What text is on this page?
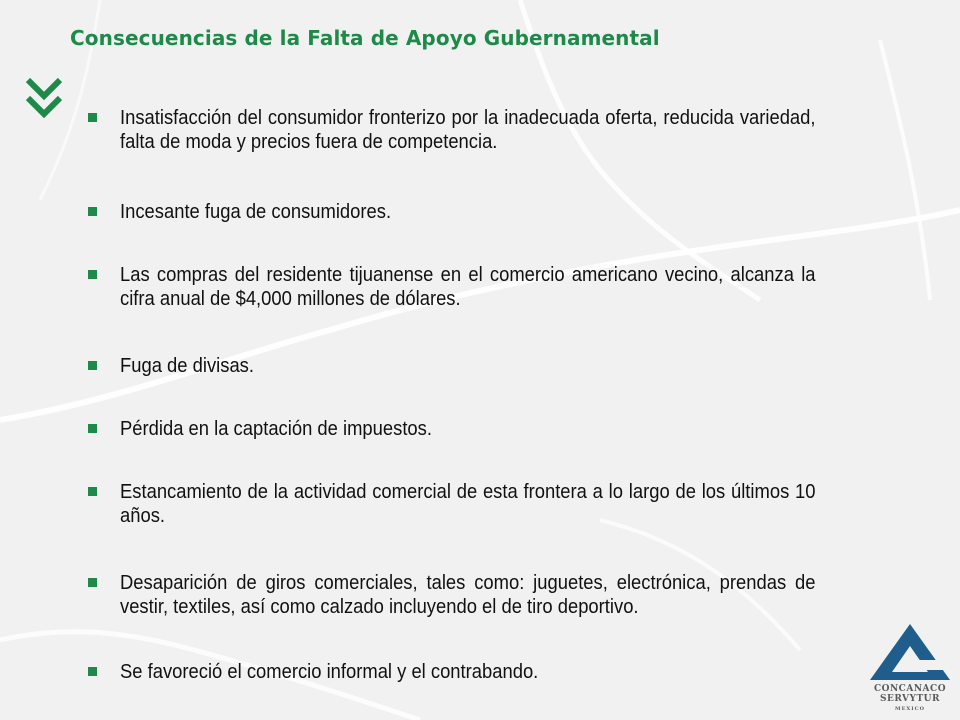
Consecuencias de la Falta de Apoyo Gubernamental
Insatisfacción del consumidor fronterizo por la inadecuada oferta, reducida variedad, falta de moda y precios fuera de competencia.
Incesante fuga de consumidores.
Las compras del residente tijuanense en el comercio americano vecino, alcanza la cifra anual de $4,000 millones de dólares.
Fuga de divisas.
Pérdida en la captación de impuestos.
Estancamiento de la actividad comercial de esta frontera a lo largo de los últimos 10 años.
Desaparición de giros comerciales, tales como: juguetes, electrónica, prendas de vestir, textiles, así como calzado incluyendo el de tiro deportivo.
Se favoreció el comercio informal y el contrabando.
CONCANACO
SERVYTUR
MEXICO
